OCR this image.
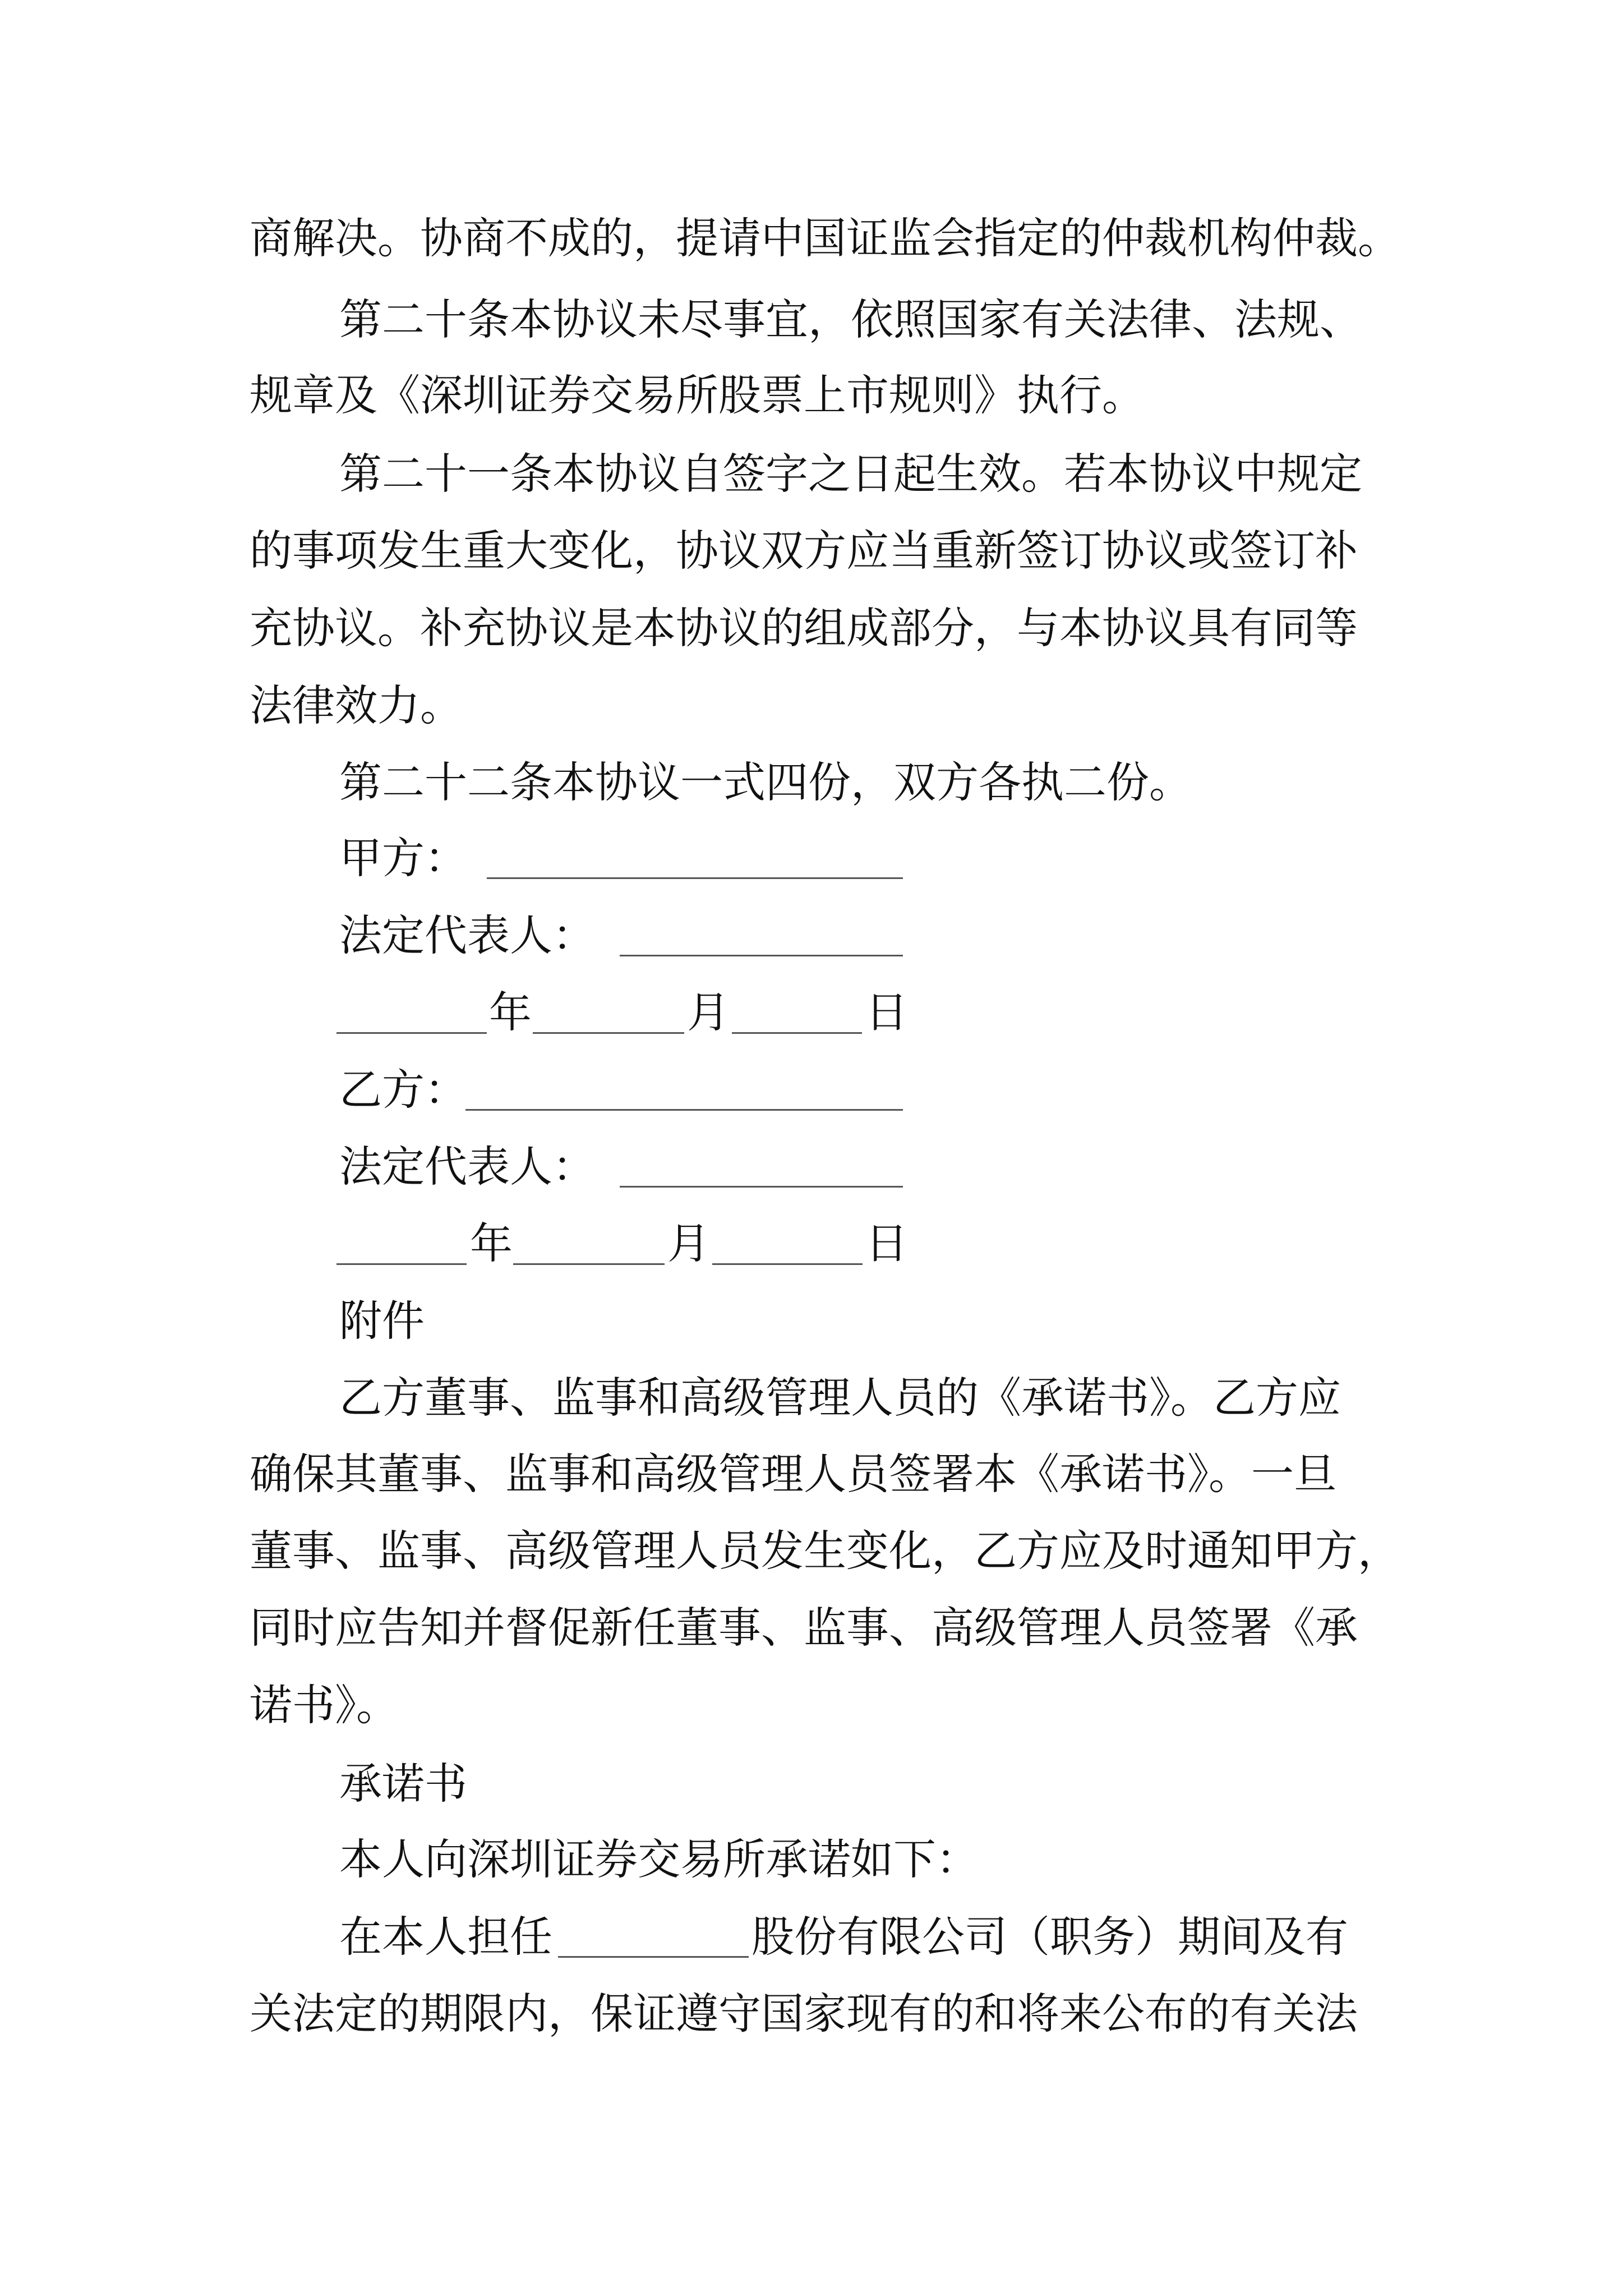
商解决。协商不成的，提请中国证监会指定的仲裁机构仲裁。
第二十条本协议未尽事宜，依照国家有关法律、法规、
规章及《深圳证券交易所股票上市规则》执行。
第二十一条本协议自签字之日起生效。若本协议中规定
的事项发生重大变化，协议双方应当重新签订协议或签订补
充协议。补充协议是本协议的组成部分，与本协议具有同等
法律效力。
第二十二条本协议一式四份，双方各执二份。
甲方：
法定代表人：
年	月	日
乙方：
法定代表人：
年	月	日
附件
乙方董事、监事和高级管理人员的《承诺书》。乙方应
确保其董事、监事和高级管理人员签署本《承诺书》。一旦
董事、监事、高级管理人员发生变化，乙方应及时通知甲方，
同时应告知并督促新任董事、监事、高级管理人员签署《承
诺书》。
承诺书
本人向深圳证券交易所承诺如下：
在本人担任	股份有限公司（职务）期间及有
关法定的期限内，保证遵守国家现有的和将来公布的有关法
